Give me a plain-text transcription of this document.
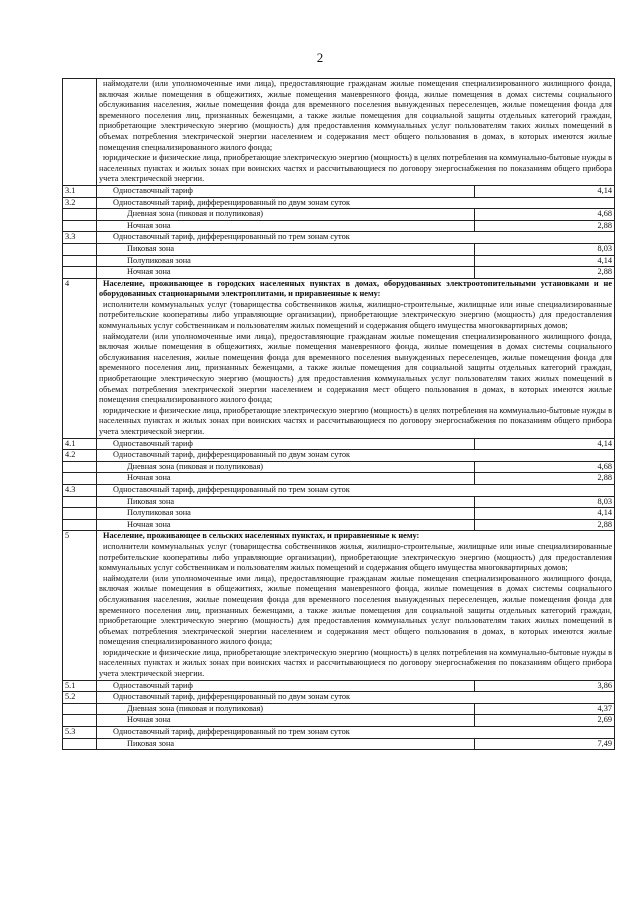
2

	наймодатели (или уполномоченные ими лица), предоставляющие гражданам жилые помещения специализированного жилищного фонда, включая жилые помещения в общежитиях, жилые помещения маневренного фонда, жилые помещения в домах системы социального обслуживания населения, жилые помещения фонда для временного поселения вынужденных переселенцев, жилые помещения фонда для временного поселения лиц, признанных беженцами, а также жилые помещения для социальной защиты отдельных категорий граждан, приобретающие электрическую энергию (мощность) для предоставления коммунальных услуг пользователям таких жилых помещений в объемах потребления электрической энергии населением и содержания мест общего пользования в домах, в которых имеются жилые помещения специализированного жилого фонда;

юридические и физические лица, приобретающие электрическую энергию (мощность) в целях потребления на коммунально-бытовые нужды в населенных пунктах и жилых зонах при воинских частях и рассчитывающиеся по договору энергоснабжения по показаниям общего прибора учета электрической энергии.	

3.1	Одноставочный тариф	4,14
3.2	Одноставочный тариф, дифференцированный по двум зонам суток	
	Дневная зона (пиковая и полупиковая)	4,68
	Ночная зона	2,88
3.3	Одноставочный тариф, дифференцированный по трем зонам суток	
	Пиковая зона	8,03
	Полупиковая зона	4,14
	Ночная зона	2,88
4	Население, проживающее в городских населенных пунктах в домах, оборудованных электроотопительными установками и не оборудованных стационарными электроплитами, и приравненные к нему:

исполнители коммунальных услуг (товарищества собственников жилья, жилищно-строительные, жилищные или иные специализированные потребительские кооперативы либо управляющие организации), приобретающие электрическую энергию (мощность) для предоставления коммунальных услуг собственникам и пользователям жилых помещений и содержания общего имущества многоквартирных домов;

наймодатели (или уполномоченные ими лица), предоставляющие гражданам жилые помещения специализированного жилищного фонда, включая жилые помещения в общежитиях, жилые помещения маневренного фонда, жилые помещения в домах системы социального обслуживания населения, жилые помещения фонда для временного поселения вынужденных переселенцев, жилые помещения фонда для временного поселения лиц, признанных беженцами, а также жилые помещения для социальной защиты отдельных категорий граждан, приобретающие электрическую энергию (мощность) для предоставления коммунальных услуг пользователям таких жилых помещений в объемах потребления электрической энергии населением и содержания мест общего пользования в домах, в которых имеются жилые помещения специализированного жилого фонда;

юридические и физические лица, приобретающие электрическую энергию (мощность) в целях потребления на коммунально-бытовые нужды в населенных пунктах и жилых зонах при воинских частях и рассчитывающиеся по договору энергоснабжения по показаниям общего прибора учета электрической энергии.	

4.1	Одноставочный тариф	4,14
4.2	Одноставочный тариф, дифференцированный по двум зонам суток	
	Дневная зона (пиковая и полупиковая)	4,68
	Ночная зона	2,88
4.3	Одноставочный тариф, дифференцированный по трем зонам суток	
	Пиковая зона	8,03
	Полупиковая зона	4,14
	Ночная зона	2,88
5	Население, проживающее в сельских населенных пунктах, и приравненные к нему:

исполнители коммунальных услуг (товарищества собственников жилья, жилищно-строительные, жилищные или иные специализированные потребительские кооперативы либо управляющие организации), приобретающие электрическую энергию (мощность) для предоставления коммунальных услуг собственникам и пользователям жилых помещений и содержания общего имущества многоквартирных домов;

наймодатели (или уполномоченные ими лица), предоставляющие гражданам жилые помещения специализированного жилищного фонда, включая жилые помещения в общежитиях, жилые помещения маневренного фонда, жилые помещения в домах системы социального обслуживания населения, жилые помещения фонда для временного поселения вынужденных переселенцев, жилые помещения фонда для временного поселения лиц, признанных беженцами, а также жилые помещения для социальной защиты отдельных категорий граждан, приобретающие электрическую энергию (мощность) для предоставления коммунальных услуг пользователям таких жилых помещений в объемах потребления электрической энергии населением и содержания мест общего пользования в домах, в которых имеются жилые помещения специализированного жилого фонда;

юридические и физические лица, приобретающие электрическую энергию (мощность) в целях потребления на коммунально-бытовые нужды в населенных пунктах и жилых зонах при воинских частях и рассчитывающиеся по договору энергоснабжения по показаниям общего прибора учета электрической энергии.	

5.1	Одноставочный тариф	3,86
5.2	Одноставочный тариф, дифференцированный по двум зонам суток	
	Дневная зона (пиковая и полупиковая)	4,37
	Ночная зона	2,69
5.3	Одноставочный тариф, дифференцированный по трем зонам суток	
	Пиковая зона	7,49
